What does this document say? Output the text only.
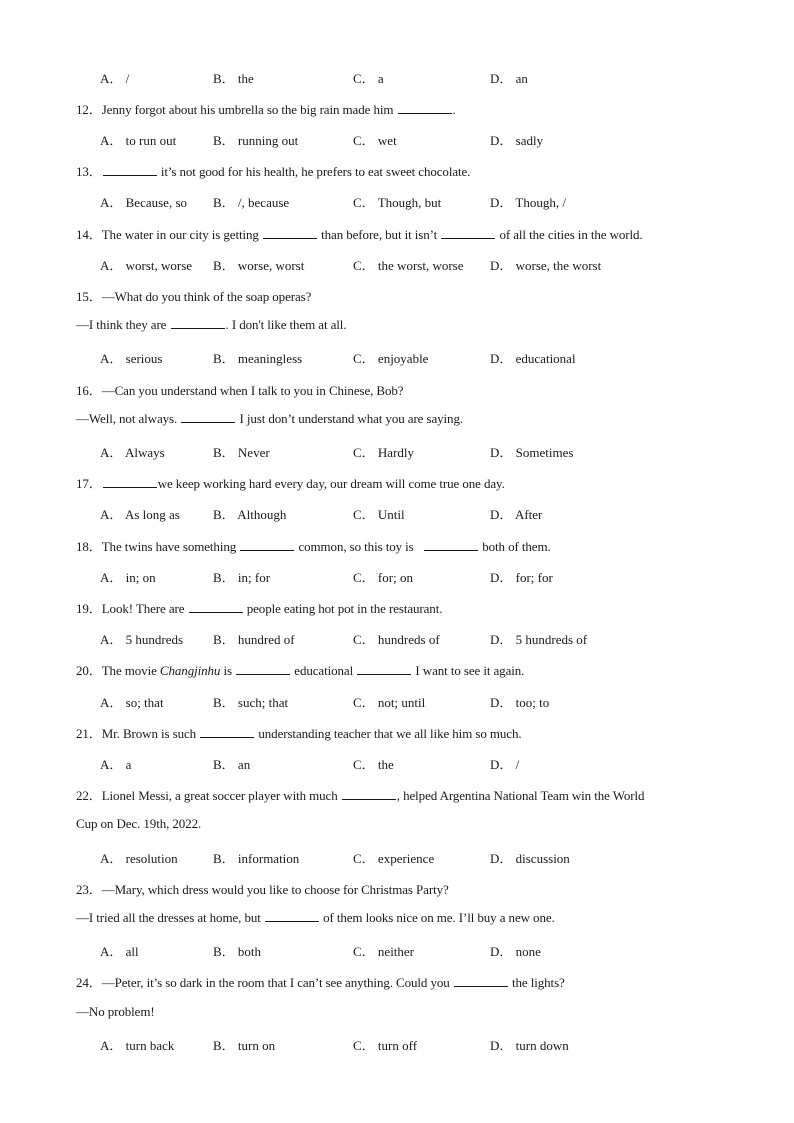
A． /	B． the	C． a	D． an
12．Jenny forgot about his umbrella so the big rain made him	.
A． to run out	B． running out	C． wet	D． sadly
13．	it’s not good for his health, he prefers to eat sweet chocolate.
A． Because, so B． /, because	C． Though, but	D． Though, /
14．The water in our city is getting	than before, but it isn’t	of all the cities in the world.
A． worst, worse B． worse, worst	C． the worst, worse D． worse, the worst
15．—What do you think of the soap operas?
—I think they are	. I don't like them at all.
A． serious	B． meaningless	C． enjoyable	D． educational
16．—Can you understand when I talk to you in Chinese, Bob?
—Well, not always.	I just don’t understand what you are saying.
A． Always	B． Never	C． Hardly	D． Sometimes
17．	we keep working hard every day, our dream will come true one day.
A． As long as	B． Although	C． Until	D． After
18．The twins have something	common, so this toy is	both of them.
A． in; on	B． in; for	C． for; on	D． for; for
19．Look! There are	people eating hot pot in the restaurant.
A． 5 hundreds B． hundred of	C． hundreds of	D． 5 hundreds of
20．The movie Changjinhu is	educational	I want to see it again.
A． so; that	B． such; that	C． not; until	D． too; to
21．Mr. Brown is such	understanding teacher that we all like him so much.
A． a	B． an	C． the	D． /
22．Lionel Messi, a great soccer player with much	, helped Argentina National Team win the World
Cup on Dec. 19th, 2022.
A． resolution	B． information	C． experience	D． discussion
23．—Mary, which dress would you like to choose for Christmas Party?
—I tried all the dresses at home, but	of them looks nice on me. I’ll buy a new one.
A． all	B． both	C． neither	D． none
24．—Peter, it’s so dark in the room that I can’t see anything. Could you	the lights?
—No problem!
A． turn back	B． turn on	C． turn off	D． turn down
